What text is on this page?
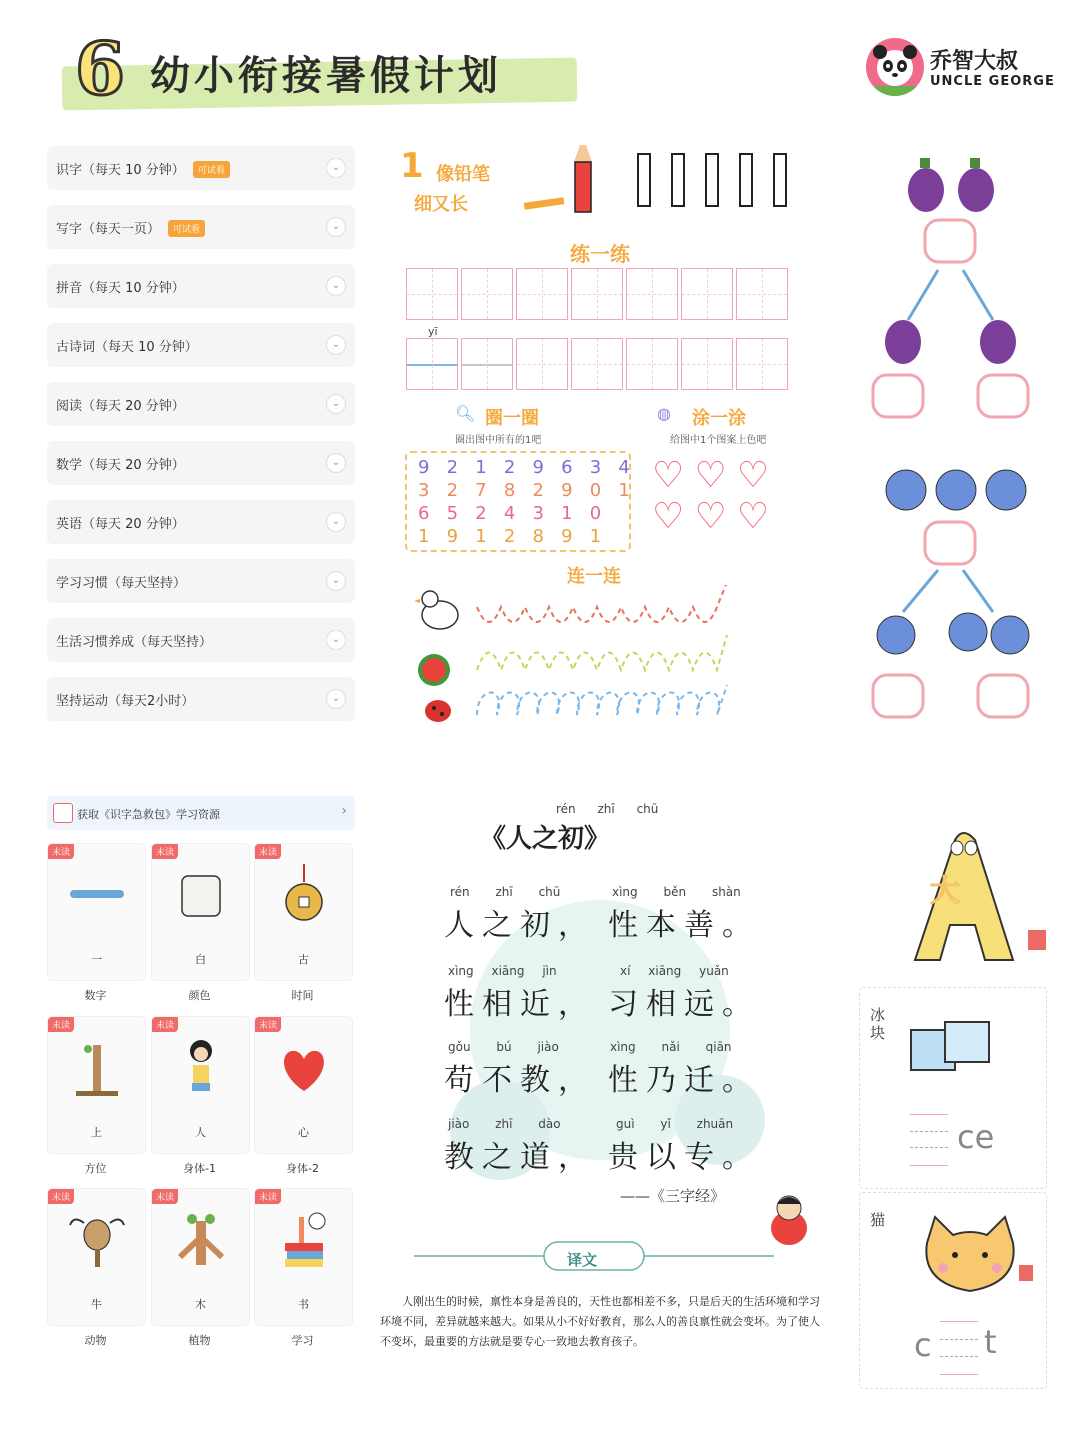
6 幼小衔接暑假计划	乔智大叔
UNCLE GEORGE
识字（每天 10 分钟） 可试看	⌄
写字（每天一页） 可试看	⌄
拼音（每天 10 分钟）	⌄
古诗词（每天 10 分钟）	⌄
阅读（每天 20 分钟）	⌄
数学（每天 20 分钟）	⌄
英语（每天 20 分钟）	⌄
学习习惯（每天坚持）	⌄
生活习惯养成（每天坚持）	⌄
坚持运动（每天2小时）	⌄
1 像铅笔
细又长
练一练
yī
🔍︎ 圈一圈
圈出图中所有的1吧
◍ 涂一涂
给图中1个图案上色吧
9 2 1 2 9 6 3 4
3 2 7 8 2 9 0 1
6 5 2 4 3 1 0
1 9 1 2 8 9 1
♡ ♡ ♡
♡ ♡ ♡
连一连
获取《识字急救包》学习资源	›
未读
一
未读
白
未读
古
数字	颜色	时间
未读
上
未读
人
未读
心
方位	身体-1	身体-2
未读
牛
未读
木
未读
书
动物	植物	学习
rén zhī chū
《人之初》
rén zhī chū	xìng běn shàn
人之初， 性本善。
xìng xiāng jìn	xí xiāng yuǎn
性相近， 习相远。
gǒu bú jiào	xìng nǎi qiān
苟不教， 性乃迁。
jiào zhī dào	guì yǐ zhuān
教之道， 贵以专。
——《三字经》
译文
人刚出生的时候，禀性本身是善良的，天性也都相差不多，只是后天的生活环境和学习环境不同，差异就越来越大。如果从小不好好教育，那么人的善良禀性就会变坏。为了使人不变坏，最重要的方法就是要专心一致地去教育孩子。
大
冰块
ce
猫
c t
